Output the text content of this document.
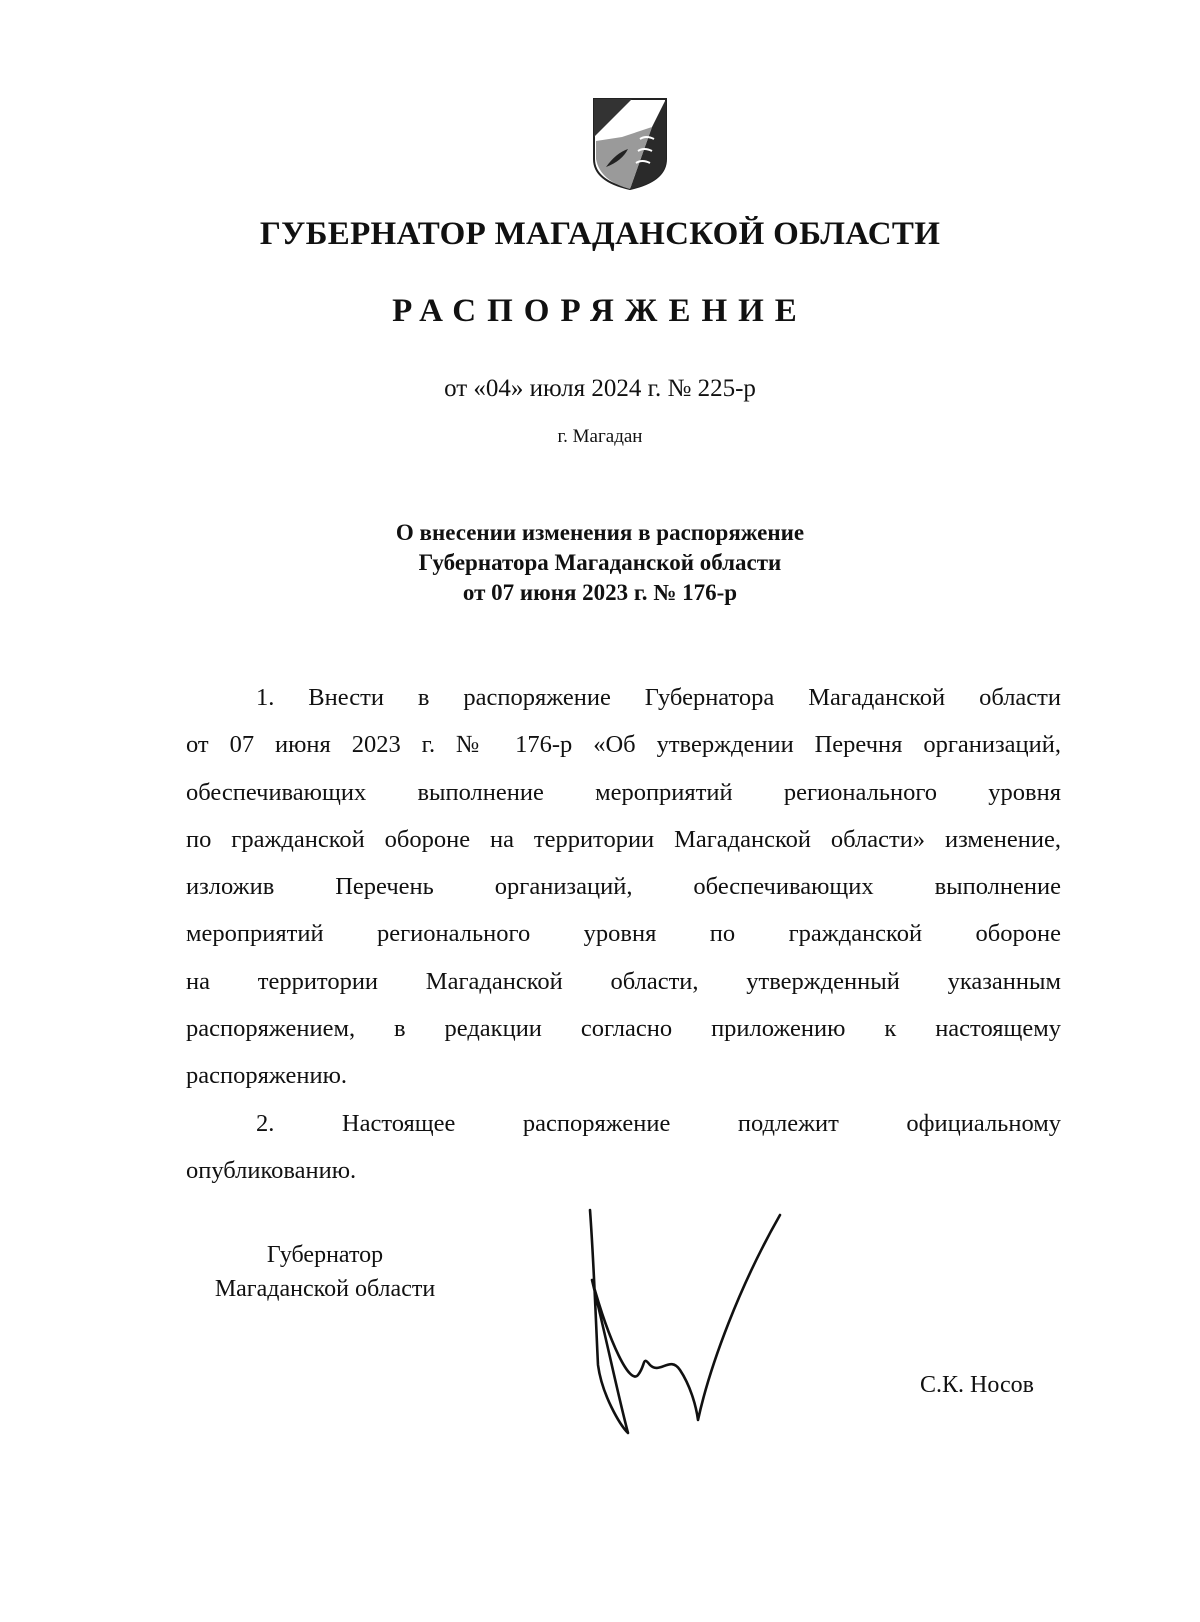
ГУБЕРНАТОР МАГАДАНСКОЙ ОБЛАСТИ
РАСПОРЯЖЕНИЕ
от «04» июля 2024 г. № 225-р
г. Магадан
О внесении изменения в распоряжение
Губернатора Магаданской области
от 07 июня 2023 г. № 176-р
1. Внести в распоряжение Губернатора Магаданской области
от 07 июня 2023 г. № 176-р «Об утверждении Перечня организаций,
обеспечивающих выполнение мероприятий регионального уровня
по гражданской обороне на территории Магаданской области» изменение,
изложив Перечень организаций, обеспечивающих выполнение
мероприятий регионального уровня по гражданской обороне
на территории Магаданской области, утвержденный указанным
распоряжением, в редакции согласно приложению к настоящему
распоряжению.
2. Настоящее распоряжение подлежит официальному
опубликованию.
Губернатор
Магаданской области
С.К. Носов
